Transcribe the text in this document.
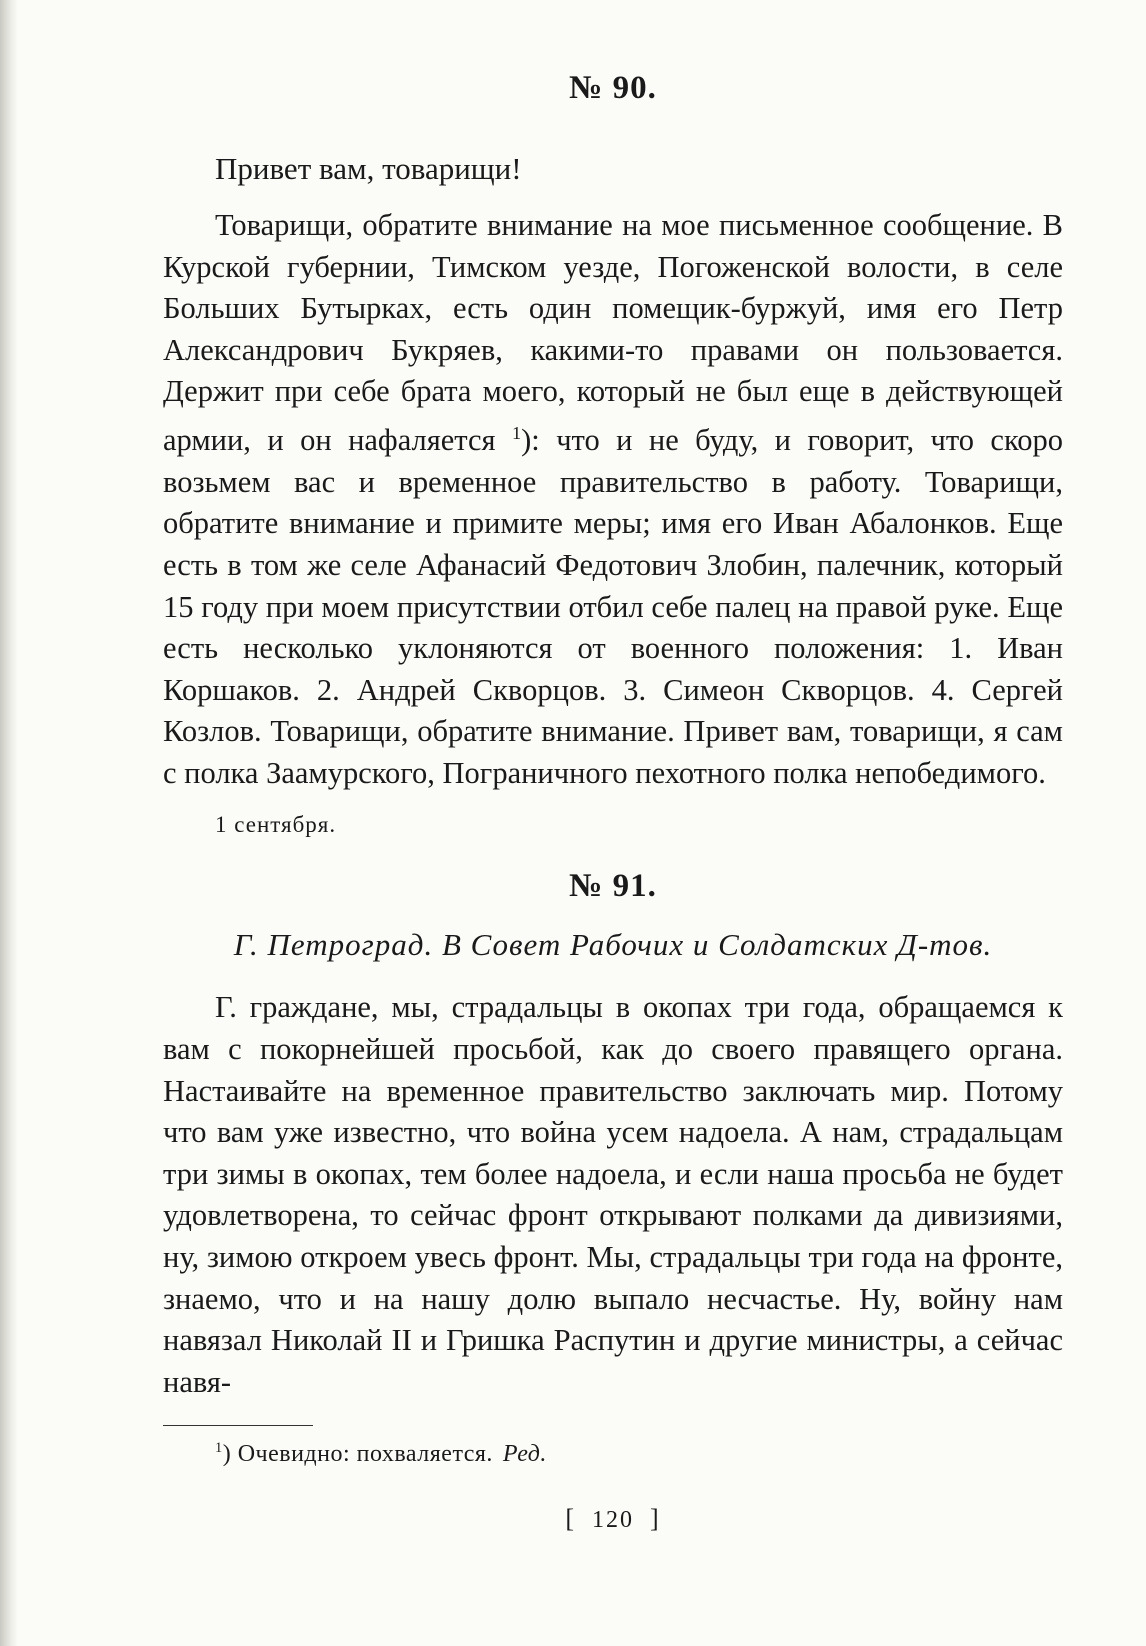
№ 90.
Привет вам, товарищи!

Товарищи, обратите внимание на мое письменное сообщение. В Курской губернии, Тимском уезде, Погоженской волости, в селе Больших Бутырках, есть один помещик-буржуй, имя его Петр Александрович Букряев, какими-то правами он пользовается. Держит при себе брата моего, который не был еще в действующей армии, и он нафаляется $^1$): что и не буду, и говорит, что скоро возьмем вас и временное правительство в работу. Товарищи, обратите внимание и примите меры; имя его Иван Абалонков. Еще есть в том же селе Афанасий Федотович Злобин, палечник, который 15 году при моем присутствии отбил себе палец на правой руке. Еще есть несколько уклоняются от военного положения: 1. Иван Коршаков. 2. Андрей Скворцов. 3. Симеон Скворцов. 4. Сергей Козлов. Товарищи, обратите внимание. Привет вам, товарищи, я сам с полка Заамурского, Пограничного пехотного полка непобедимого.

1 сентября.
№ 91.
Г. Петроград. В Совет Рабочих и Солдатских Д-тов.

Г. граждане, мы, страдальцы в окопах три года, обращаемся к вам с покорнейшей просьбой, как до своего правящего органа. Настаивайте на временное правительство заключать мир. Потому что вам уже известно, что война усем надоела. А нам, страдальцам три зимы в окопах, тем более надоела, и если наша просьба не будет удовлетворена, то сейчас фронт открывают полками да дивизиями, ну, зимою откроем увесь фронт. Мы, страдальцы три года на фронте, знаемо, что и на нашу долю выпало несчастье. Ну, войну нам навязал Николай II и Гришка Распутин и другие министры, а сейчас навя-

$^1$) Очевидно: похваляется. Ред.
[ 120 ]
